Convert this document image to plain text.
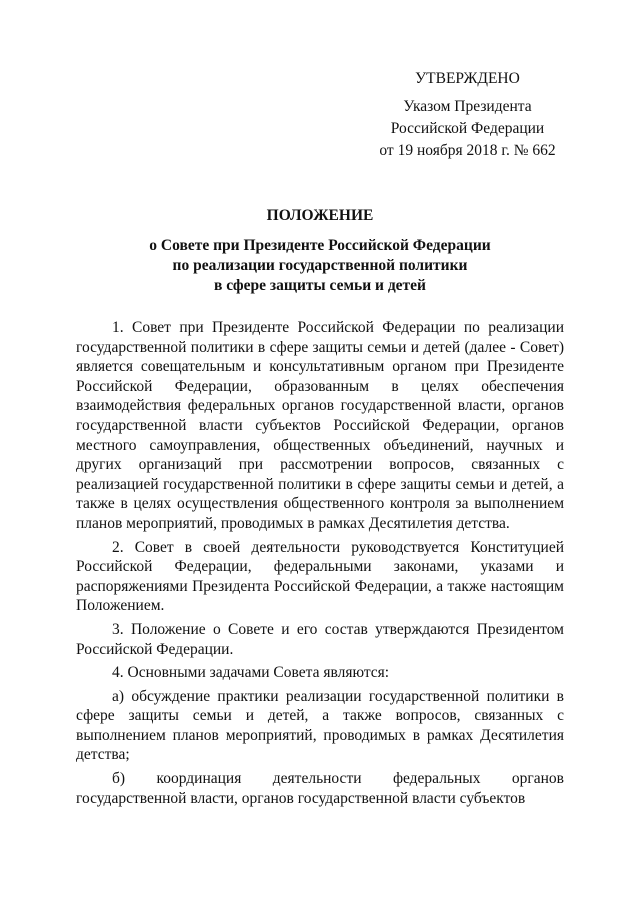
УТВЕРЖДЕНО
Указом Президента
Российской Федерации
от 19 ноября 2018 г. № 662
ПОЛОЖЕНИЕ
о Совете при Президенте Российской Федерации
по реализации государственной политики
в сфере защиты семьи и детей

1. Совет при Президенте Российской Федерации по реализации государственной политики в сфере защиты семьи и детей (далее - Совет) является совещательным и консультативным органом при Президенте Российской Федерации, образованным в целях обеспечения взаимодействия федеральных органов государственной власти, органов государственной власти субъектов Российской Федерации, органов местного самоуправления, общественных объединений, научных и других организаций при рассмотрении вопросов, связанных с реализацией государственной политики в сфере защиты семьи и детей, а также в целях осуществления общественного контроля за выполнением планов мероприятий, проводимых в рамках Десятилетия детства.

2. Совет в своей деятельности руководствуется Конституцией Российской Федерации, федеральными законами, указами и распоряжениями Президента Российской Федерации, а также настоящим Положением.

3. Положение о Совете и его состав утверждаются Президентом Российской Федерации.

4. Основными задачами Совета являются:

а) обсуждение практики реализации государственной политики в сфере защиты семьи и детей, а также вопросов, связанных с выполнением планов мероприятий, проводимых в рамках Десятилетия детства;

б) координация деятельности федеральных органов государственной власти, органов государственной власти субъектов
